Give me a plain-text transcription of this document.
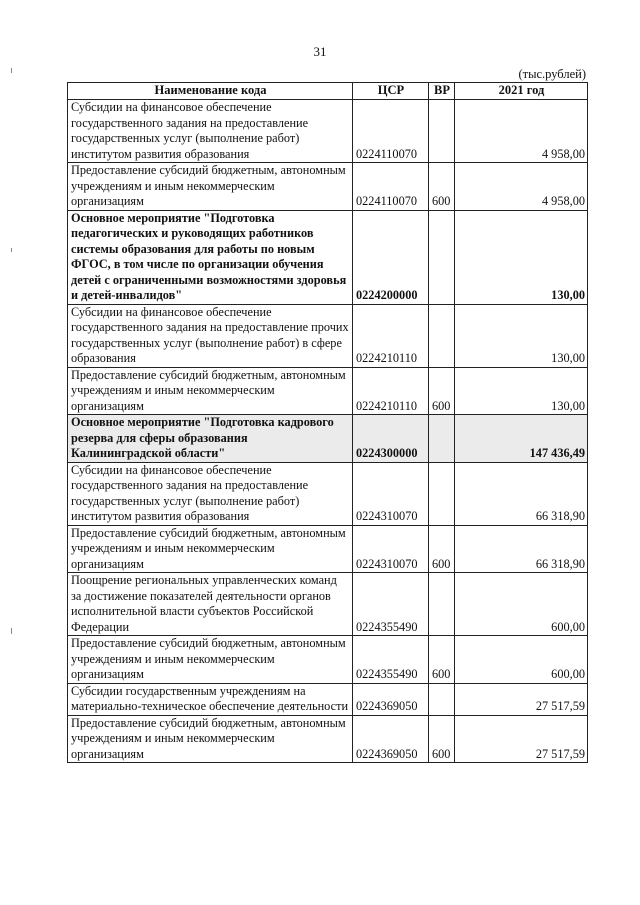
31
(тыс.рублей)
Наименование кода	ЦСР	ВР	2021 год
Субсидии на финансовое обеспечение государственного задания на предоставление государственных услуг (выполнение работ) институтом развития образования	0224110070		4 958,00
Предоставление субсидий бюджетным, автономным учреждениям и иным некоммерческим организациям	0224110070	600	4 958,00
Основное мероприятие "Подготовка педагогических и руководящих работников системы образования для работы по новым ФГОС, в том числе по организации обучения детей с ограниченными возможностями здоровья и детей-инвалидов"	0224200000		130,00
Субсидии на финансовое обеспечение государственного задания на предоставление прочих государственных услуг (выполнение работ) в сфере образования	0224210110		130,00
Предоставление субсидий бюджетным, автономным учреждениям и иным некоммерческим организациям	0224210110	600	130,00
Основное мероприятие "Подготовка кадрового резерва для сферы образования Калининградской области"	0224300000		147 436,49
Субсидии на финансовое обеспечение государственного задания на предоставление государственных услуг (выполнение работ) институтом развития образования	0224310070		66 318,90
Предоставление субсидий бюджетным, автономным учреждениям и иным некоммерческим организациям	0224310070	600	66 318,90
Поощрение региональных управленческих команд за достижение показателей деятельности органов исполнительной власти субъектов Российской Федерации	0224355490		600,00
Предоставление субсидий бюджетным, автономным учреждениям и иным некоммерческим организациям	0224355490	600	600,00
Субсидии государственным учреждениям на материально-техническое обеспечение деятельности	0224369050		27 517,59
Предоставление субсидий бюджетным, автономным учреждениям и иным некоммерческим организациям	0224369050	600	27 517,59
